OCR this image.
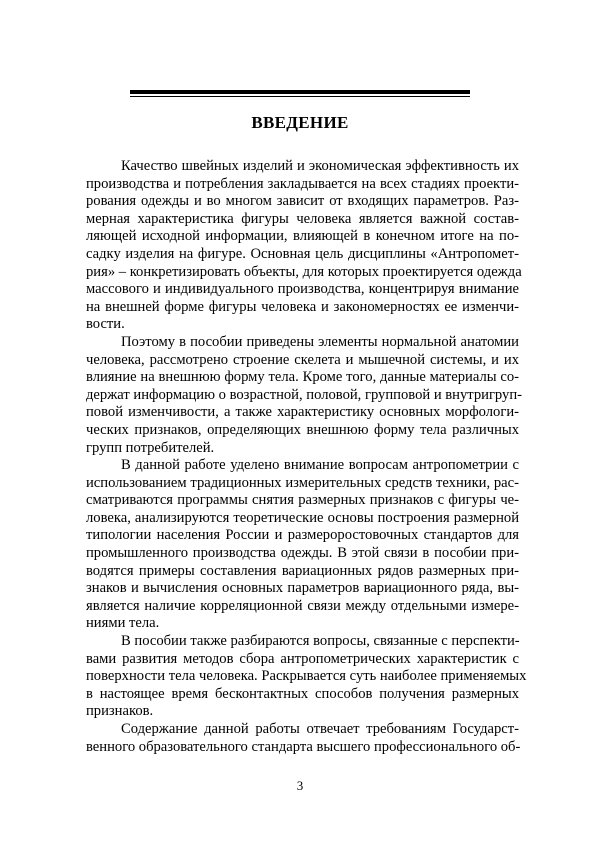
ВВЕДЕНИЕ

Качество швейных изделий и экономическая эффективность их
производства и потребления закладывается на всех стадиях проекти-
рования одежды и во многом зависит от входящих параметров. Раз-
мерная характеристика фигуры человека является важной состав-
ляющей исходной информации, влияющей в конечном итоге на по-
садку изделия на фигуре. Основная цель дисциплины «Антропомет-
рия» – конкретизировать объекты, для которых проектируется одежда
массового и индивидуального производства, концентрируя внимание
на внешней форме фигуры человека и закономерностях ее изменчи-
вости.

Поэтому в пособии приведены элементы нормальной анатомии
человека, рассмотрено строение скелета и мышечной системы, и их
влияние на внешнюю форму тела. Кроме того, данные материалы со-
держат информацию о возрастной, половой, групповой и внутригруп-
повой изменчивости, а также характеристику основных морфологи-
ческих признаков, определяющих внешнюю форму тела различных
групп потребителей.

В данной работе уделено внимание вопросам антропометрии с
использованием традиционных измерительных средств техники, рас-
сматриваются программы снятия размерных признаков с фигуры че-
ловека, анализируются теоретические основы построения размерной
типологии населения России и размероростовочных стандартов для
промышленного производства одежды. В этой связи в пособии при-
водятся примеры составления вариационных рядов размерных при-
знаков и вычисления основных параметров вариационного ряда, вы-
является наличие корреляционной связи между отдельными измере-
ниями тела.

В пособии также разбираются вопросы, связанные с перспекти-
вами развития методов сбора антропометрических характеристик с
поверхности тела человека. Раскрывается суть наиболее применяемых
в настоящее время бесконтактных способов получения размерных
признаков.

Содержание данной работы отвечает требованиям Государст-
венного образовательного стандарта высшего профессионального об-

3
